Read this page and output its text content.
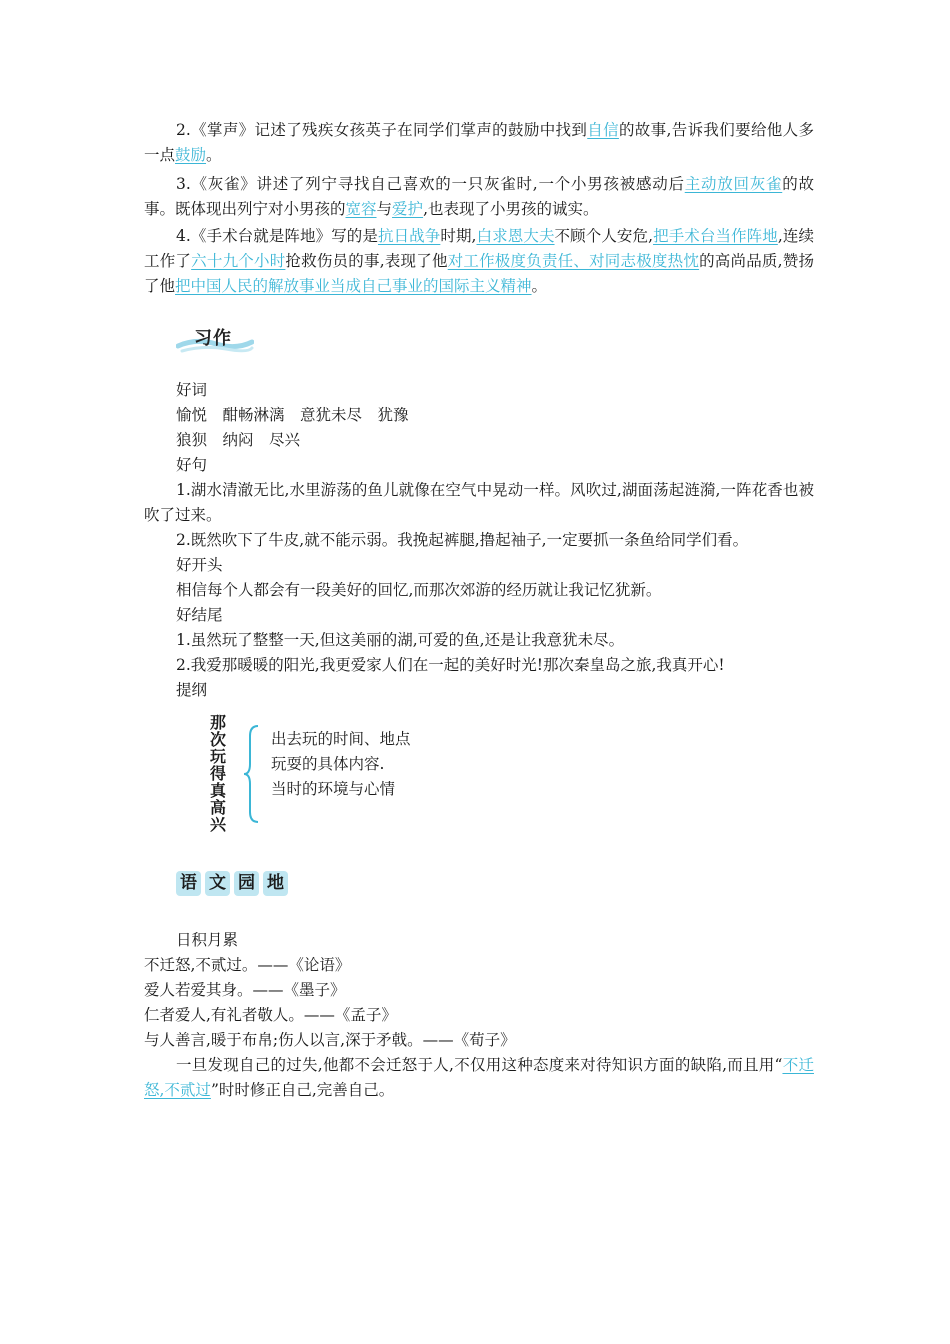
2.《掌声》记述了残疾女孩英子在同学们掌声的鼓励中找到自信的故事,告诉我们要给他人多一点鼓励。

3.《灰雀》讲述了列宁寻找自己喜欢的一只灰雀时,一个小男孩被感动后主动放回灰雀的故事。既体现出列宁对小男孩的宽容与爱护,也表现了小男孩的诚实。

4.《手术台就是阵地》写的是抗日战争时期,白求恩大夫不顾个人安危,把手术台当作阵地,连续工作了六十九个小时抢救伤员的事,表现了他对工作极度负责任、对同志极度热忱的高尚品质,赞扬了他把中国人民的解放事业当成自己事业的国际主义精神。

习作

好词

愉悦　酣畅淋漓　意犹未尽　犹豫

狼狈　纳闷　尽兴

好句

1.湖水清澈无比,水里游荡的鱼儿就像在空气中晃动一样。风吹过,湖面荡起涟漪,一阵花香也被吹了过来。

2.既然吹下了牛皮,就不能示弱。我挽起裤腿,撸起袖子,一定要抓一条鱼给同学们看。

好开头

相信每个人都会有一段美好的回忆,而那次郊游的经历就让我记忆犹新。

好结尾

1.虽然玩了整整一天,但这美丽的湖,可爱的鱼,还是让我意犹未尽。

2.我爱那暖暖的阳光,我更爱家人们在一起的美好时光!那次秦皇岛之旅,我真开心!

提纲

那次玩得真高兴

出去玩的时间、地点

玩耍的具体内容.

当时的环境与心情

语 文 园 地

日积月累

不迁怒,不贰过。——《论语》

爱人若爱其身。——《墨子》

仁者爱人,有礼者敬人。——《孟子》

与人善言,暖于布帛;伤人以言,深于矛戟。——《荀子》

一旦发现自己的过失,他都不会迁怒于人,不仅用这种态度来对待知识方面的缺陷,而且用“不迁怒,不贰过”时时修正自己,完善自己。
